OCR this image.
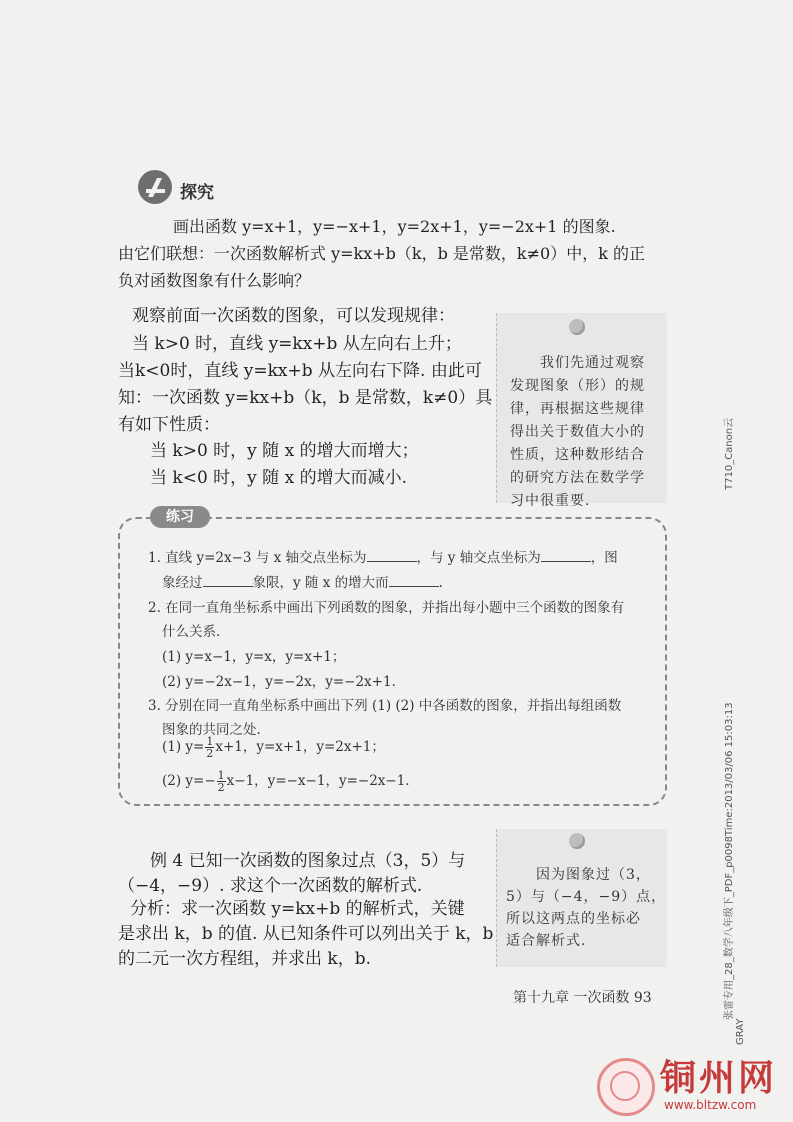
探究
画出函数 y=x+1，y=−x+1，y=2x+1，y=−2x+1 的图象.
由它们联想：一次函数解析式 y=kx+b（k，b 是常数，k≠0）中，k 的正
负对函数图象有什么影响？
观察前面一次函数的图象，可以发现规律：
当 k>0 时，直线 y=kx+b 从左向右上升；
当k<0时，直线 y=kx+b 从左向右下降. 由此可
知：一次函数 y=kx+b（k，b 是常数，k≠0）具
有如下性质：
当 k>0 时，y 随 x 的增大而增大；
当 k<0 时，y 随 x 的增大而减小.
我们先通过观察
发现图象（形）的规
律，再根据这些规律
得出关于数值大小的
性质，这种数形结合
的研究方法在数学学
习中很重要.
练习
1. 直线 y=2x−3 与 x 轴交点坐标为	，与 y 轴交点坐标为	，图
象经过	象限，y 随 x 的增大而	.
2. 在同一直角坐标系中画出下列函数的图象，并指出每小题中三个函数的图象有
什么关系.
(1) y=x−1，y=x，y=x+1；
(2) y=−2x−1，y=−2x，y=−2x+1.
3. 分别在同一直角坐标系中画出下列 (1) (2) 中各函数的图象，并指出每组函数
图象的共同之处.
(1) $y= \frac{1}{2} x+1$，y=x+1，y=2x+1；
(2) $y=- \frac{1}{2} x-1$，y=−x−1，y=−2x−1.
例 4 已知一次函数的图象过点（3，5）与
（−4，−9）. 求这个一次函数的解析式.
分析：求一次函数 y=kx+b 的解析式，关键
是求出 k，b 的值. 从已知条件可以列出关于 k，b
的二元一次方程组，并求出 k，b.
因为图象过（3，
5）与（−4，−9）点，
所以这两点的坐标必
适合解析式.
第十九章 一次函数 93
T710_Canon云
张雷专用_28_数学八年级下_PDF_p0098Time:2013/03/06 15:03:13
GRAY
铜州网
www.bltzw.com
